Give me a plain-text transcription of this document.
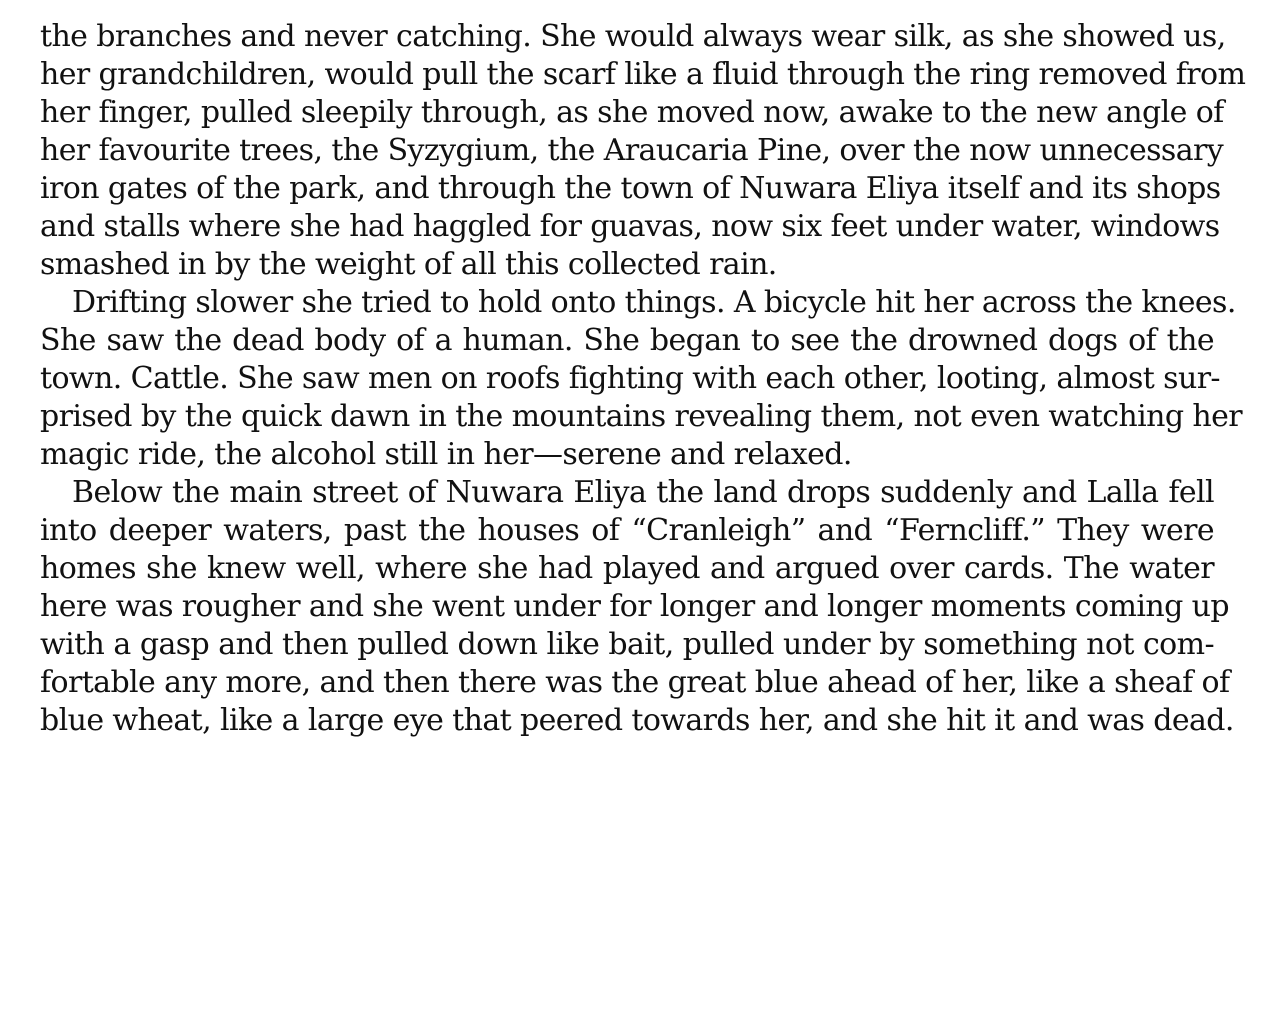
the branches and never catching. She would always wear silk, as she showed us,
her grandchildren, would pull the scarf like a fluid through the ring removed from
her finger, pulled sleepily through, as she moved now, awake to the new angle of
her favourite trees, the Syzygium, the Araucaria Pine, over the now unnecessary
iron gates of the park, and through the town of Nuwara Eliya itself and its shops
and stalls where she had haggled for guavas, now six feet under water, windows
smashed in by the weight of all this collected rain.
Drifting slower she tried to hold onto things. A bicycle hit her across the knees.
She saw the dead body of a human. She began to see the drowned dogs of the
town. Cattle. She saw men on roofs fighting with each other, looting, almost sur-
prised by the quick dawn in the mountains revealing them, not even watching her
magic ride, the alcohol still in her—serene and relaxed.
Below the main street of Nuwara Eliya the land drops suddenly and Lalla fell
into deeper waters, past the houses of “Cranleigh” and “Ferncliff.” They were
homes she knew well, where she had played and argued over cards. The water
here was rougher and she went under for longer and longer moments coming up
with a gasp and then pulled down like bait, pulled under by something not com-
fortable any more, and then there was the great blue ahead of her, like a sheaf of
blue wheat, like a large eye that peered towards her, and she hit it and was dead.
